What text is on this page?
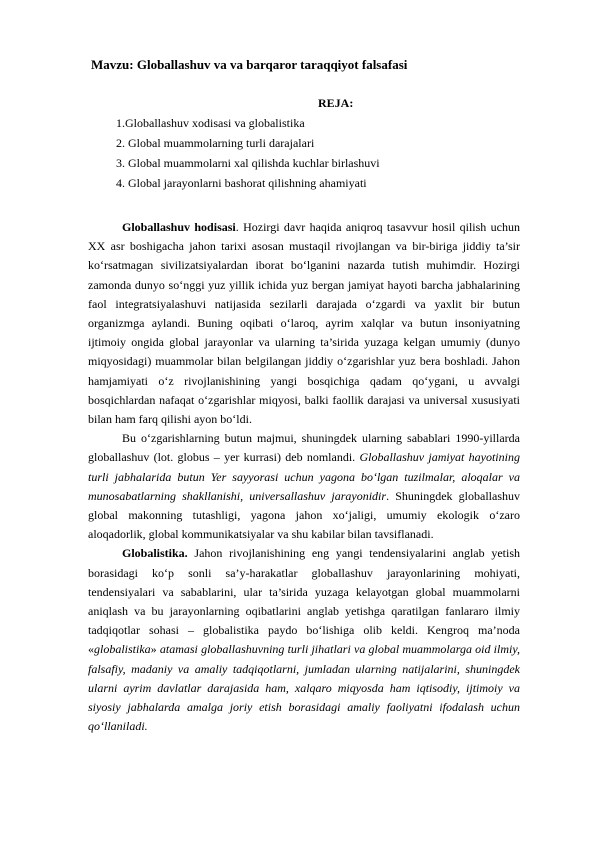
Mavzu: Globallashuv va va barqaror taraqqiyot falsafasi
REJA:
1.Globallashuv xodisasi va globalistika
2. Global muammolarning turli darajalari
3. Global muammolarni xal qilishda kuchlar birlashuvi
4. Global jarayonlarni bashorat qilishning ahamiyati

Globallashuv hodisasi. Hozirgi davr haqida aniqroq tasavvur hosil qilish uchun XX asr boshigacha jahon tarixi asosan mustaqil rivojlangan va bir-biriga jiddiy ta’sir ko‘rsatmagan sivilizatsiyalardan iborat bo‘lganini nazarda tutish muhimdir. Hozirgi zamonda dunyo so‘nggi yuz yillik ichida yuz bergan jamiyat hayoti barcha jabhalarining faol integratsiyalashuvi natijasida sezilarli darajada o‘zgardi va yaxlit bir butun organizmga aylandi. Buning oqibati o‘laroq, ayrim xalqlar va butun insoniyatning ijtimoiy ongida global jarayonlar va ularning ta’sirida yuzaga kelgan umumiy (dunyo miqyosidagi) muammolar bilan belgilangan jiddiy o‘zgarishlar yuz bera boshladi. Jahon hamjamiyati o‘z rivojlanishining yangi bosqichiga qadam qo‘ygani, u avvalgi bosqichlardan nafaqat o‘zgarishlar miqyosi, balki faollik darajasi va universal xususiyati bilan ham farq qilishi ayon bo‘ldi.

Bu o‘zgarishlarning butun majmui, shuningdek ularning sabablari 1990-yillarda globallashuv (lot. globus – yer kurrasi) deb nomlandi. Globallashuv jamiyat hayotining turli jabhalarida butun Yer sayyorasi uchun yagona bo‘lgan tuzilmalar, aloqalar va munosabatlarning shakllanishi, universallashuv jarayonidir. Shuningdek globallashuv global makonning tutashligi, yagona jahon xo‘jaligi, umumiy ekologik o‘zaro aloqadorlik, global kommunikatsiyalar va shu kabilar bilan tavsiflanadi.

Globalistika. Jahon rivojlanishining eng yangi tendensiyalarini anglab yetish borasidagi ko‘p sonli sa’y-harakatlar globallashuv jarayonlarining mohiyati, tendensiyalari va sabablarini, ular ta’sirida yuzaga kelayotgan global muammolarni aniqlash va bu jarayonlarning oqibatlarini anglab yetishga qaratilgan fanlararo ilmiy tadqiqotlar sohasi – globalistika paydo bo‘lishiga olib keldi. Kengroq ma’noda «globalistika» atamasi globallashuvning turli jihatlari va global muammolarga oid ilmiy, falsafiy, madaniy va amaliy tadqiqotlarni, jumladan ularning natijalarini, shuningdek ularni ayrim davlatlar darajasida ham, xalqaro miqyosda ham iqtisodiy, ijtimoiy va siyosiy jabhalarda amalga joriy etish borasidagi amaliy faoliyatni ifodalash uchun qo‘llaniladi.
